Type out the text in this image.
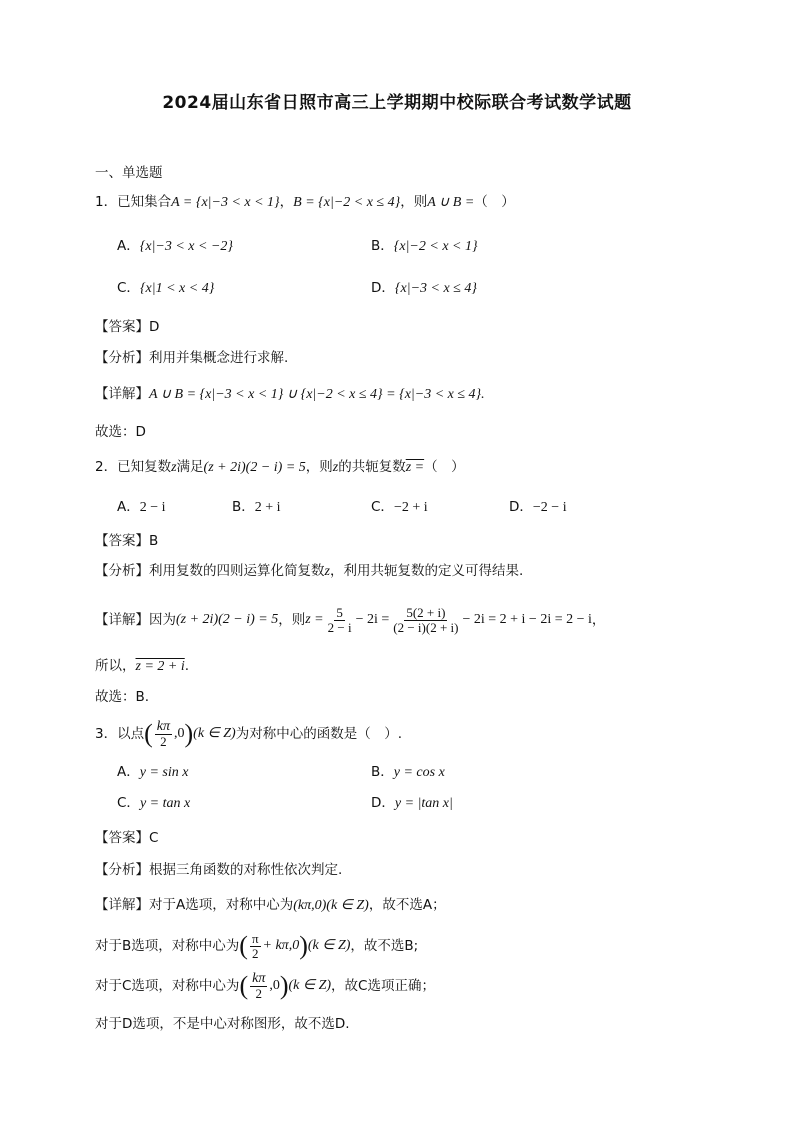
2024届山东省日照市高三上学期期中校际联合考试数学试题
一、单选题
1．已知集合A = {x|−3 < x < 1}，B = {x|−2 < x ≤ 4}，则A ∪ B =（　）
A．{x|−3 < x < −2}	B．{x|−2 < x < 1}
C．{x|1 < x < 4}	D．{x|−3 < x ≤ 4}
【答案】D
【分析】利用并集概念进行求解.
【详解】A ∪ B = {x|−3 < x < 1} ∪ {x|−2 < x ≤ 4} = {x|−3 < x ≤ 4}.
故选：D
2．已知复数z满足(z + 2i)(2 − i) = 5，则z的共轭复数z =（　）
A．2 − i	B．2 + i	C．−2 + i	D．−2 − i
【答案】B
【分析】利用复数的四则运算化简复数z，利用共轭复数的定义可得结果.
【详解】 因为 (z + 2i)(2 − i) = 5 ，则 $z = \frac{5}{2 - i} - 2i = \frac{5(2 + i)}{(2 - i)(2 + i)} - 2i = 2 + i - 2i = 2 - i$ ，
所以，z = 2 + i.
故选：B.
3．以点 ( $\frac{k\pi}{2} ,0$ ) (k ∈ Z) 为对称中心的函数是（　）.
A．y = sin x	B．y = cos x
C．y = tan x	D．y = |tan x|
【答案】C
【分析】根据三角函数的对称性依次判定.
【详解】对于A选项，对称中心为(kπ,0)(k ∈ Z)，故不选A；
对于B选项，对称中心为 ( $\frac{\pi}{2} + k\pi,0$ ) (k ∈ Z) ，故不选B;
对于C选项，对称中心为 ( $\frac{k\pi}{2} ,0$ ) (k ∈ Z) ，故C选项正确；
对于D选项，不是中心对称图形，故不选D.
